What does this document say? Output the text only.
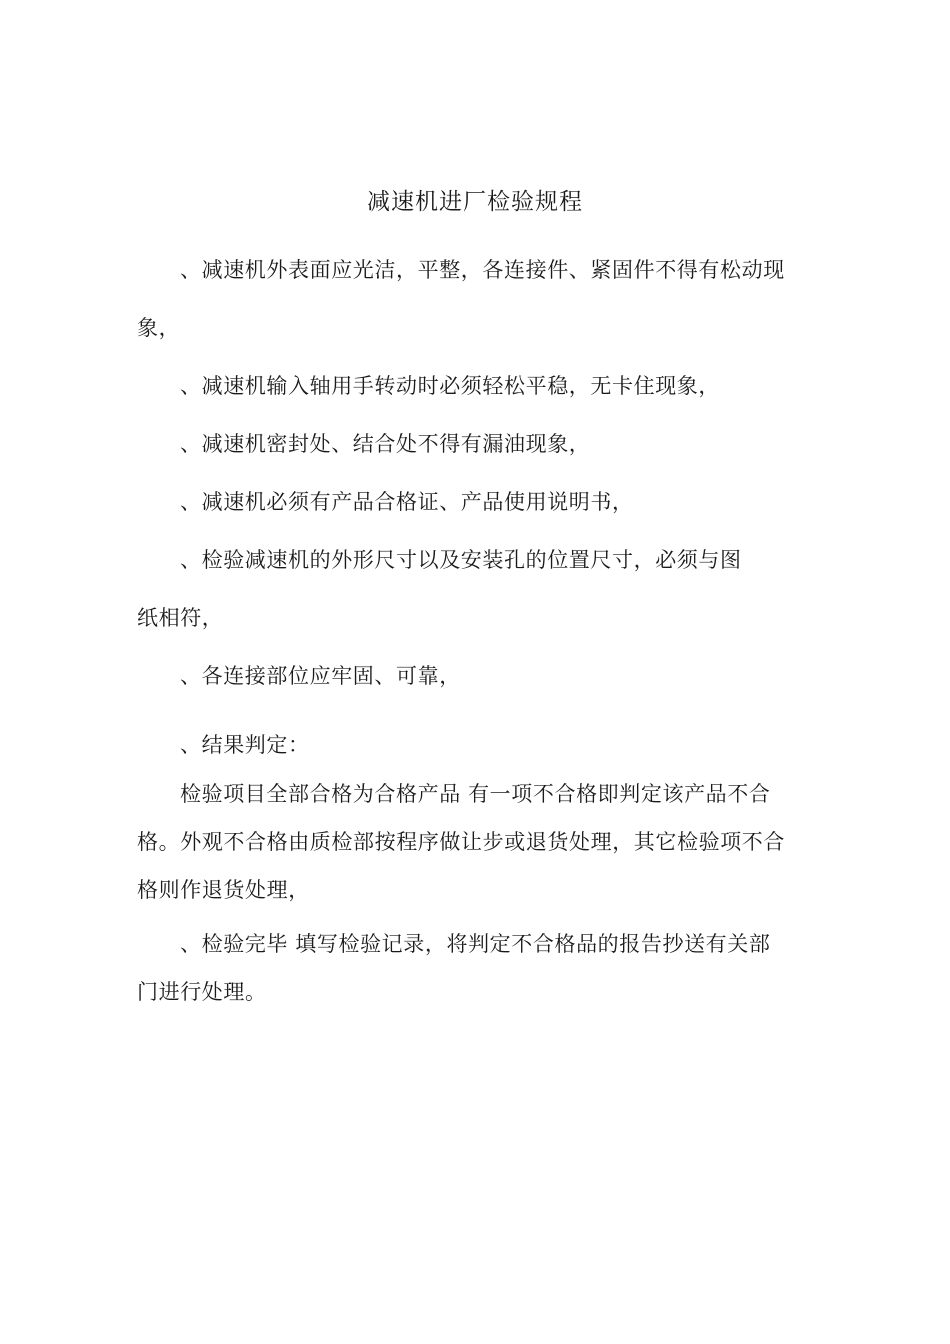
减速机进厂检验规程
、减速机外表面应光洁，平整，各连接件、紧固件不得有松动现
象，
、减速机输入轴用手转动时必须轻松平稳，无卡住现象，
、减速机密封处、结合处不得有漏油现象，
、减速机必须有产品合格证、产品使用说明书，
、检验减速机的外形尺寸以及安装孔的位置尺寸，必须与图
纸相符，
、各连接部位应牢固、可靠，
、结果判定：
检验项目全部合格为合格产品 有一项不合格即判定该产品不合
格。外观不合格由质检部按程序做让步或退货处理，其它检验项不合
格则作退货处理，
、检验完毕 填写检验记录，将判定不合格品的报告抄送有关部
门进行处理。
